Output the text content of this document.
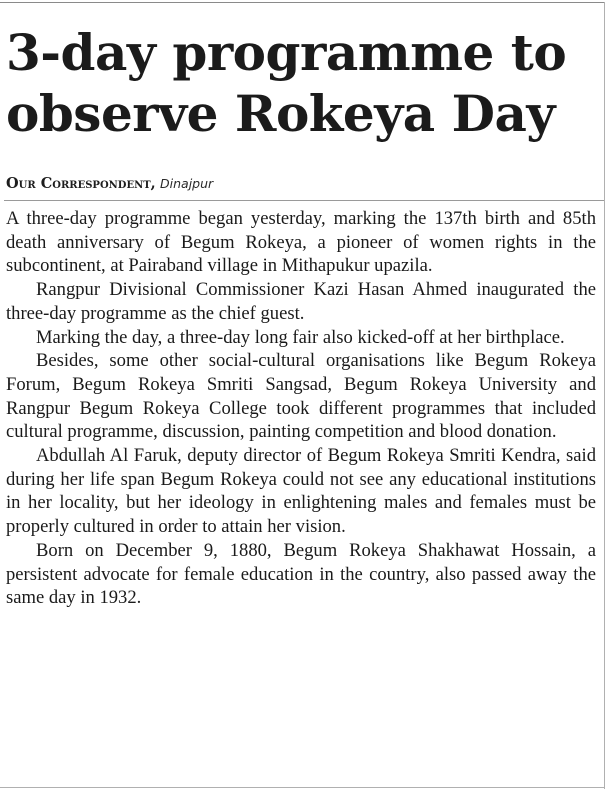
3-day programme to observe Rokeya Day
Our Correspondent, Dinajpur

A three-day programme began yesterday, marking the 137th birth and 85th death anniversary of Begum Rokeya, a pioneer of women rights in the subcontinent, at Pairaband village in Mithapukur upazila.

Rangpur Divisional Commissioner Kazi Hasan Ahmed inaugurated the three-day programme as the chief guest.

Marking the day, a three-day long fair also kicked-off at her birthplace.

Besides, some other social-cultural organisations like Begum Rokeya Forum, Begum Rokeya Smriti Sangsad, Begum Rokeya University and Rangpur Begum Rokeya College took different programmes that included cultural programme, discussion, painting competition and blood donation.

Abdullah Al Faruk, deputy director of Begum Rokeya Smriti Kendra, said during her life span Begum Rokeya could not see any educational institutions in her locality, but her ideology in enlightening males and females must be properly cultured in order to attain her vision.

Born on December 9, 1880, Begum Rokeya Shakhawat Hossain, a persistent advocate for female education in the country, also passed away the same day in 1932.
